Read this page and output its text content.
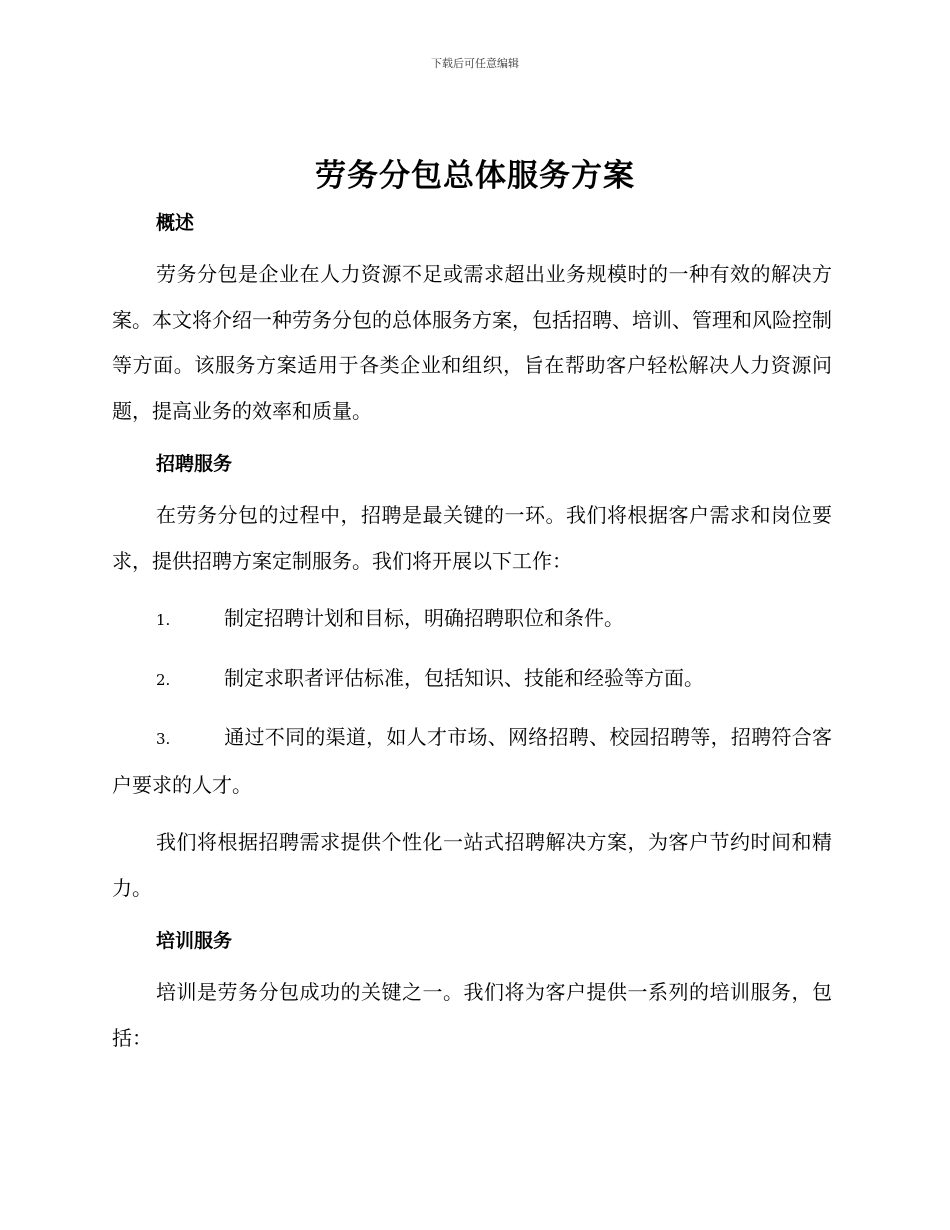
下载后可任意编辑
劳务分包总体服务方案
概述
劳务分包是企业在人力资源不足或需求超出业务规模时的一种有效的解决方案。本文将介绍一种劳务分包的总体服务方案，包括招聘、培训、管理和风险控制等方面。该服务方案适用于各类企业和组织，旨在帮助客户轻松解决人力资源问题，提高业务的效率和质量。
招聘服务
在劳务分包的过程中，招聘是最关键的一环。我们将根据客户需求和岗位要求，提供招聘方案定制服务。我们将开展以下工作：
1.	制定招聘计划和目标，明确招聘职位和条件。
2.	制定求职者评估标准，包括知识、技能和经验等方面。
3.	通过不同的渠道，如人才市场、网络招聘、校园招聘等，招聘符合客户要求的人才。
我们将根据招聘需求提供个性化一站式招聘解决方案，为客户节约时间和精力。
培训服务
培训是劳务分包成功的关键之一。我们将为客户提供一系列的培训服务，包括：
